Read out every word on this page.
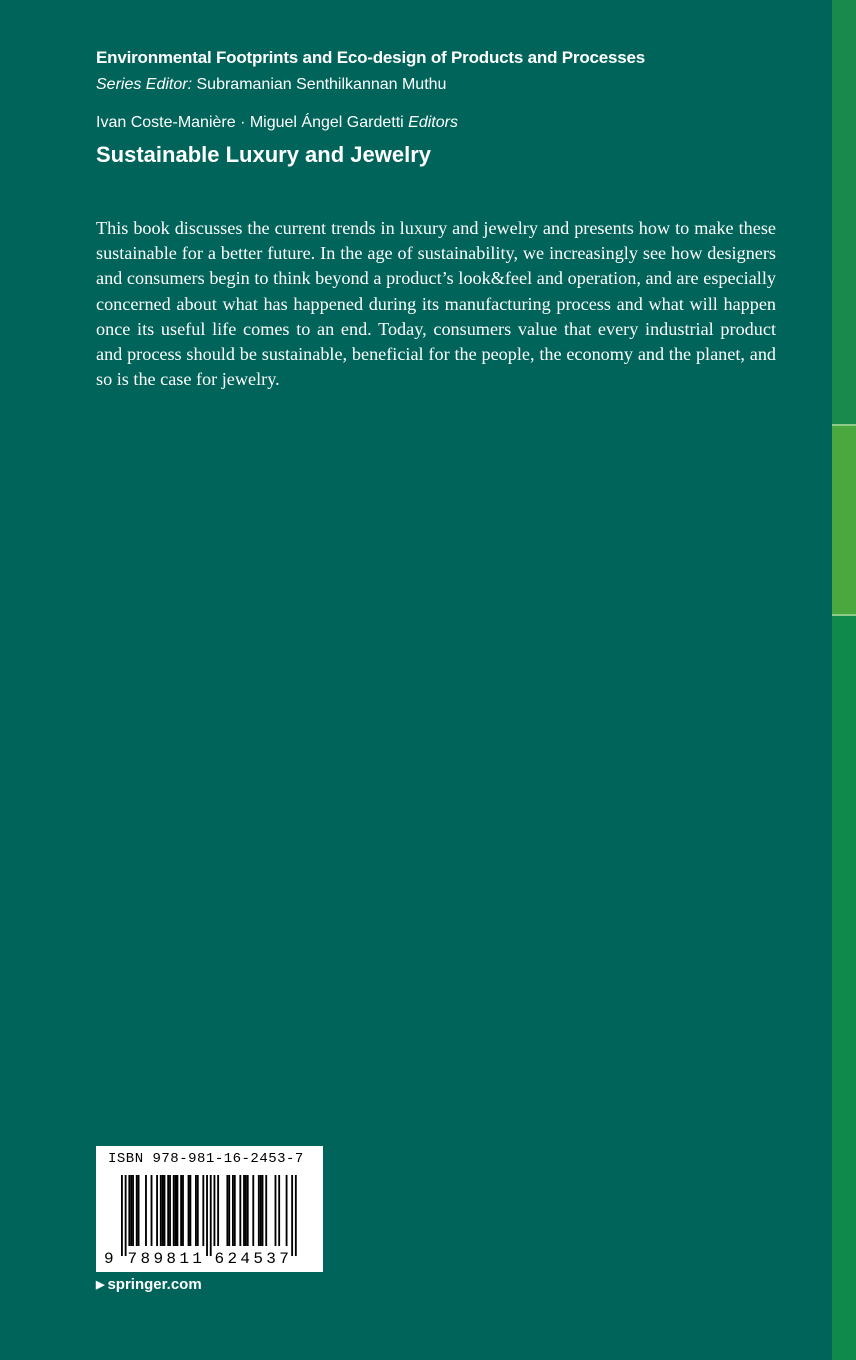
Environmental Footprints and Eco-design of Products and Processes
Series Editor: Subramanian Senthilkannan Muthu
Ivan Coste-Manière · Miguel Ángel Gardetti Editors
Sustainable Luxury and Jewelry

This book discusses the current trends in luxury and jewelry and presents how to make these sustainable for a better future. In the age of sustainability, we increasingly see how designers and consumers begin to think beyond a product’s look&feel and operation, and are especially concerned about what has happened during its manufacturing process and what will happen once its useful life comes to an end. Today, consumers value that every industrial product and process should be sustainable, beneficial for the people, the economy and the planet, and so is the case for jewelry.

ISBN 978-981-16-2453-7
9 7 8 9 8 1 1 6 2 4 5 3 7
▶ springer.com
